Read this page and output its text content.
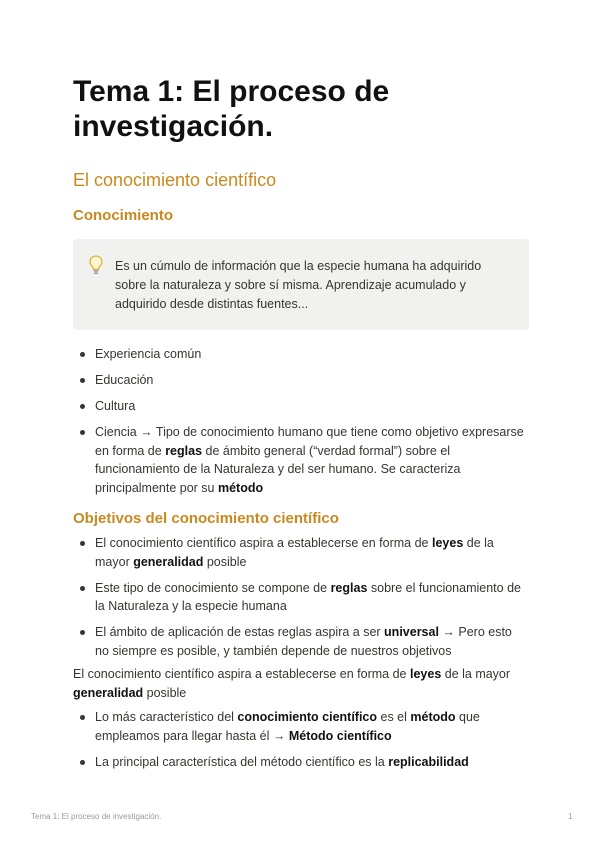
Tema 1: El proceso de investigación.
El conocimiento científico
Conocimiento
Es un cúmulo de información que la especie humana ha adquirido sobre la naturaleza y sobre sí misma. Aprendizaje acumulado y adquirido desde distintas fuentes...
Experiencia común
Educación
Cultura
Ciencia → Tipo de conocimiento humano que tiene como objetivo expresarse en forma de reglas de ámbito general (“verdad formal”) sobre el funcionamiento de la Naturaleza y del ser humano. Se caracteriza principalmente por su método
Objetivos del conocimiento científico
El conocimiento científico aspira a establecerse en forma de leyes de la mayor generalidad posible
Este tipo de conocimiento se compone de reglas sobre el funcionamiento de la Naturaleza y la especie humana
El ámbito de aplicación de estas reglas aspira a ser universal → Pero esto no siempre es posible, y también depende de nuestros objetivos

El conocimiento científico aspira a establecerse en forma de leyes de la mayor generalidad posible

Lo más característico del conocimiento científico es el método que empleamos para llegar hasta él → Método científico
La principal característica del método científico es la replicabilidad
Tema 1: El proceso de investigación.	1
